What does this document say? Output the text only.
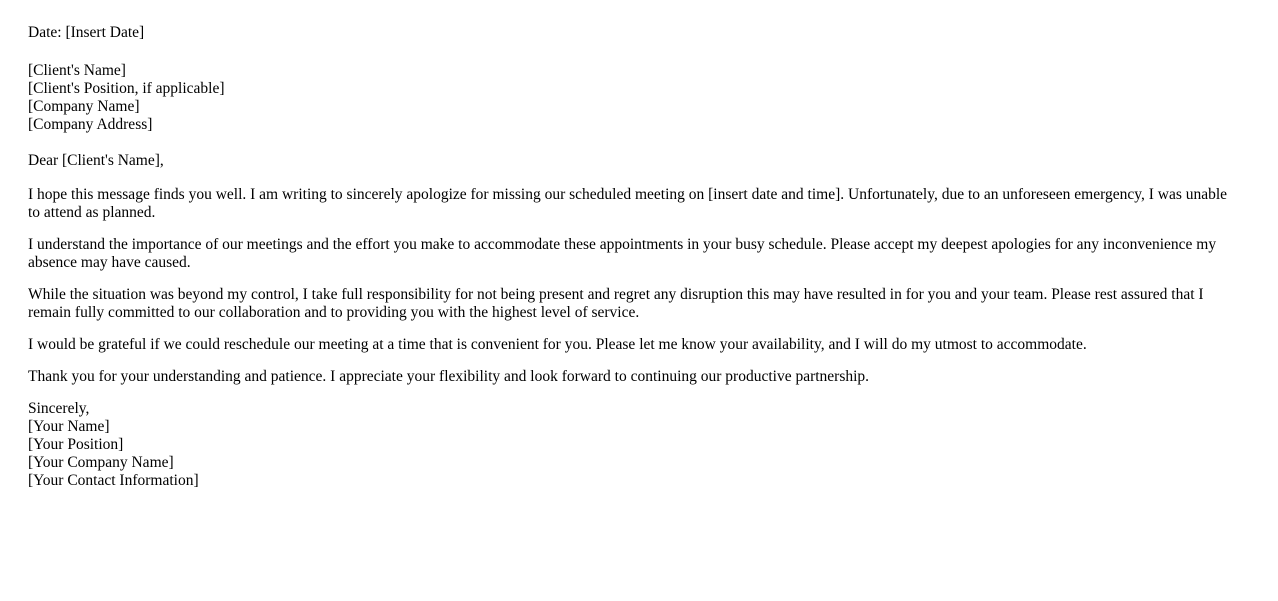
Date: [Insert Date]

[Client's Name]
[Client's Position, if applicable]
[Company Name]
[Company Address]

Dear [Client's Name],

I hope this message finds you well. I am writing to sincerely apologize for missing our scheduled meeting on [insert date and time]. Unfortunately, due to an unforeseen emergency, I was unable to attend as planned.

I understand the importance of our meetings and the effort you make to accommodate these appointments in your busy schedule. Please accept my deepest apologies for any inconvenience my absence may have caused.

While the situation was beyond my control, I take full responsibility for not being present and regret any disruption this may have resulted in for you and your team. Please rest assured that I remain fully committed to our collaboration and to providing you with the highest level of service.

I would be grateful if we could reschedule our meeting at a time that is convenient for you. Please let me know your availability, and I will do my utmost to accommodate.

Thank you for your understanding and patience. I appreciate your flexibility and look forward to continuing our productive partnership.

Sincerely,
[Your Name]
[Your Position]
[Your Company Name]
[Your Contact Information]
